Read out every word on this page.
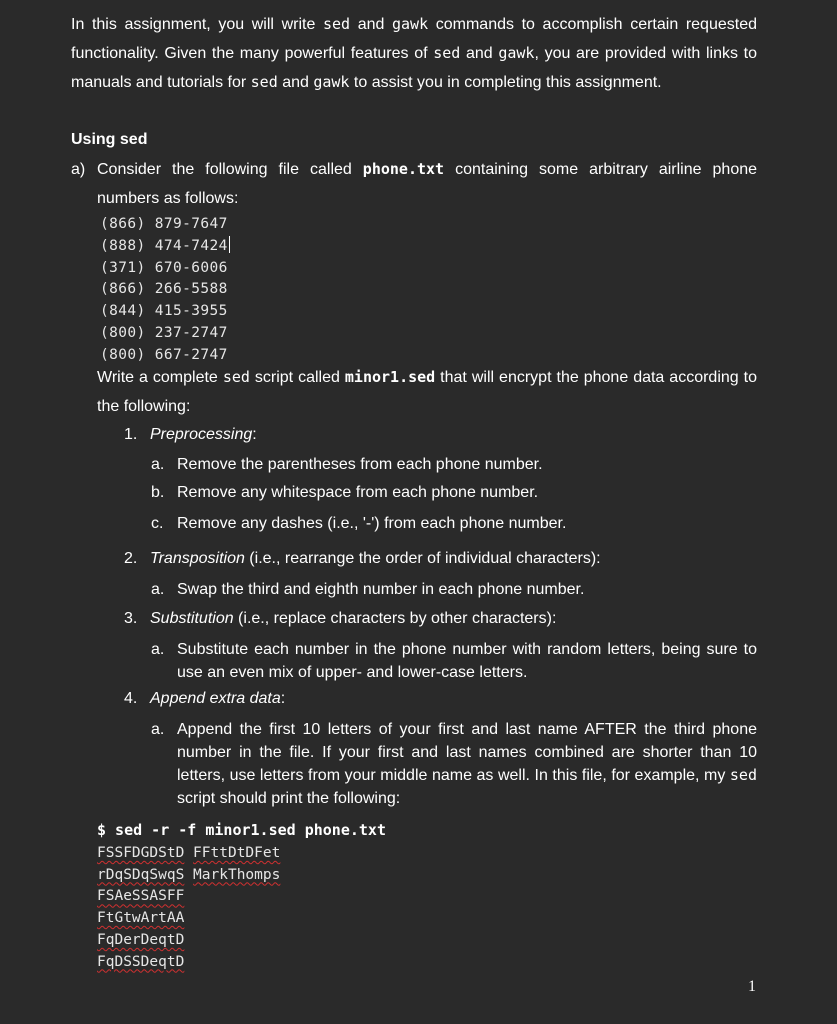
In this assignment, you will write sed and gawk commands to accomplish certain requested functionality. Given the many powerful features of sed and gawk, you are provided with links to manuals and tutorials for sed and gawk to assist you in completing this assignment.

Using sed

a) Consider the following file called phone.txt containing some arbitrary airline phone numbers as follows:

(866) 879-7647
(888) 474-7424
(371) 670-6006
(866) 266-5588
(844) 415-3955
(800) 237-2747
(800) 667-2747

Write a complete sed script called minor1.sed that will encrypt the phone data according to the following:

1. Preprocessing:

a. Remove the parentheses from each phone number.

b. Remove any whitespace from each phone number.

c. Remove any dashes (i.e., '-') from each phone number.

2. Transposition (i.e., rearrange the order of individual characters):

a. Swap the third and eighth number in each phone number.

3. Substitution (i.e., replace characters by other characters):

a. Substitute each number in the phone number with random letters, being sure to use an even mix of upper- and lower-case letters.

4. Append extra data:

a. Append the first 10 letters of your first and last name AFTER the third phone number in the file. If your first and last names combined are shorter than 10 letters, use letters from your middle name as well. In this file, for example, my sed script should print the following:

$ sed -r -f minor1.sed phone.txt

FSSFDGDStD FFttDtDFet
rDqSDqSwqS MarkThomps
FSAeSSASFF
FtGtwArtAA
FqDerDeqtD
FqDSSDeqtD
1
